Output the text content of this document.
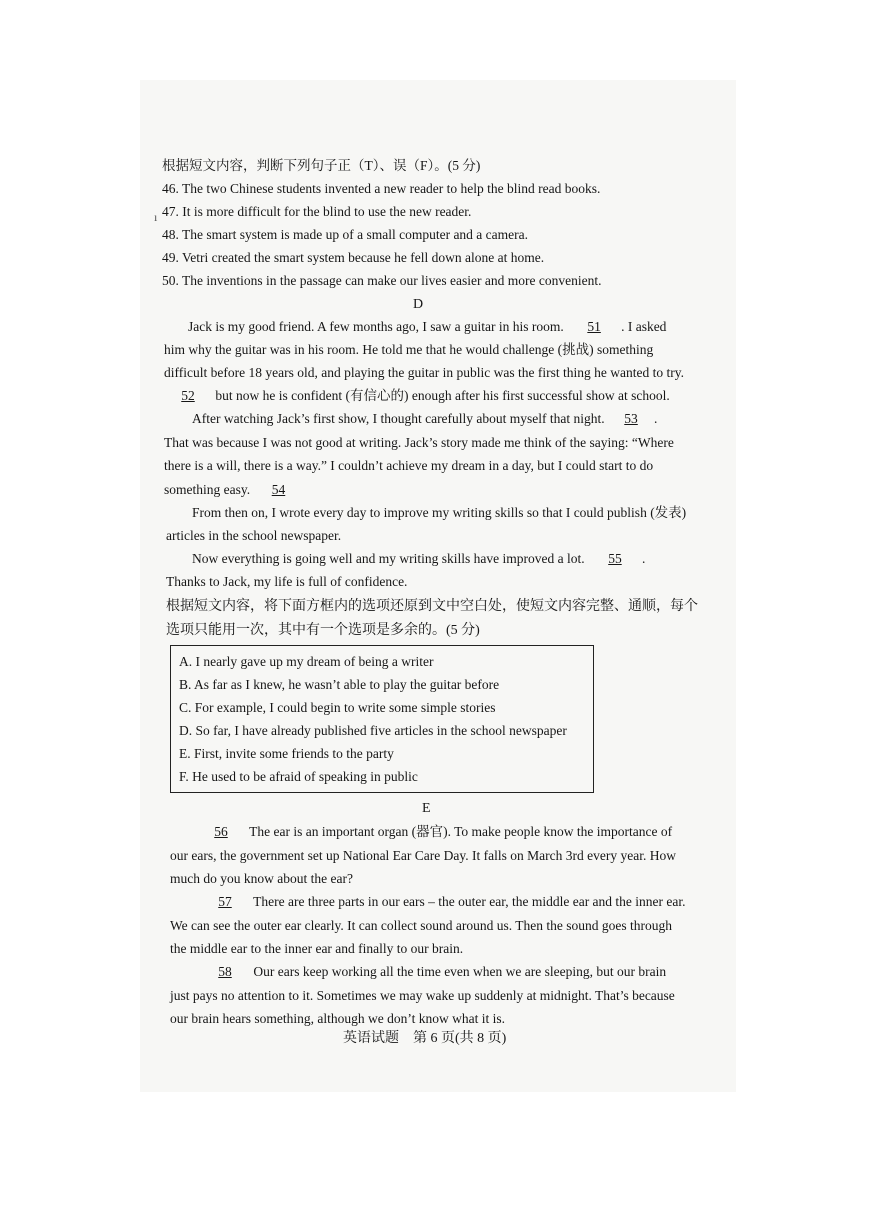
根据短文内容，判断下列句子正（T）、误（F）。(5 分)
46. The two Chinese students invented a new reader to help the blind read books.
ı 47. It is more difficult for the blind to use the new reader.
48. The smart system is made up of a small computer and a camera.
49. Vetri created the smart system because he fell down alone at home.
50. The inventions in the passage can make our lives easier and more convenient.
D
Jack is my good friend. A few months ago, I saw a guitar in his room. 51 . I asked
him why the guitar was in his room. He told me that he would challenge (挑战) something
difficult before 18 years old, and playing the guitar in public was the first thing he wanted to try.
52 but now he is confident (有信心的) enough after his first successful show at school.
After watching Jack’s first show, I thought carefully about myself that night. 53 .
That was because I was not good at writing. Jack’s story made me think of the saying: “Where
there is a will, there is a way.” I couldn’t achieve my dream in a day, but I could start to do
something easy. 54
From then on, I wrote every day to improve my writing skills so that I could publish (发表)
articles in the school newspaper.
Now everything is going well and my writing skills have improved a lot. 55 .
Thanks to Jack, my life is full of confidence.
根据短文内容，将下面方框内的选项还原到文中空白处，使短文内容完整、通顺，每个
选项只能用一次，其中有一个选项是多余的。(5 分)
A. I nearly gave up my dream of being a writer
B. As far as I knew, he wasn’t able to play the guitar before
C. For example, I could begin to write some simple stories
D. So far, I have already published five articles in the school newspaper
E. First, invite some friends to the party
F. He used to be afraid of speaking in public
E
56 The ear is an important organ (器官). To make people know the importance of
our ears, the government set up National Ear Care Day. It falls on March 3rd every year. How
much do you know about the ear?
57 There are three parts in our ears – the outer ear, the middle ear and the inner ear.
We can see the outer ear clearly. It can collect sound around us. Then the sound goes through
the middle ear to the inner ear and finally to our brain.
58 Our ears keep working all the time even when we are sleeping, but our brain
just pays no attention to it. Sometimes we may wake up suddenly at midnight. That’s because
our brain hears something, although we don’t know what it is.
英语试题　第 6 页(共 8 页)
